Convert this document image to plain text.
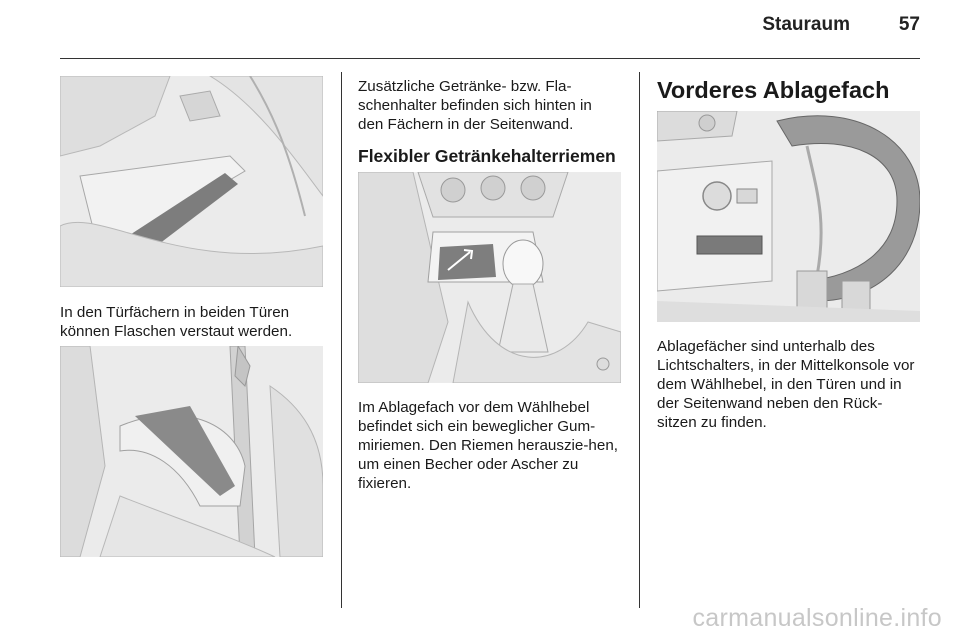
Stauraum	57
In den Türfächern in beiden Türen können Flaschen verstaut werden.
Zusätzliche Getränke- bzw. Fla-schenhalter befinden sich hinten in den Fächern in der Seitenwand.
Flexibler Getränkehalterriemen
Im Ablagefach vor dem Wählhebel befindet sich ein beweglicher Gum-miriemen. Den Riemen herauszie-hen, um einen Becher oder Ascher zu fixieren.
Vorderes Ablagefach
Ablagefächer sind unterhalb des Lichtschalters, in der Mittelkonsole vor dem Wählhebel, in den Türen und in der Seitenwand neben den Rück-sitzen zu finden.
carmanualsonline.info
